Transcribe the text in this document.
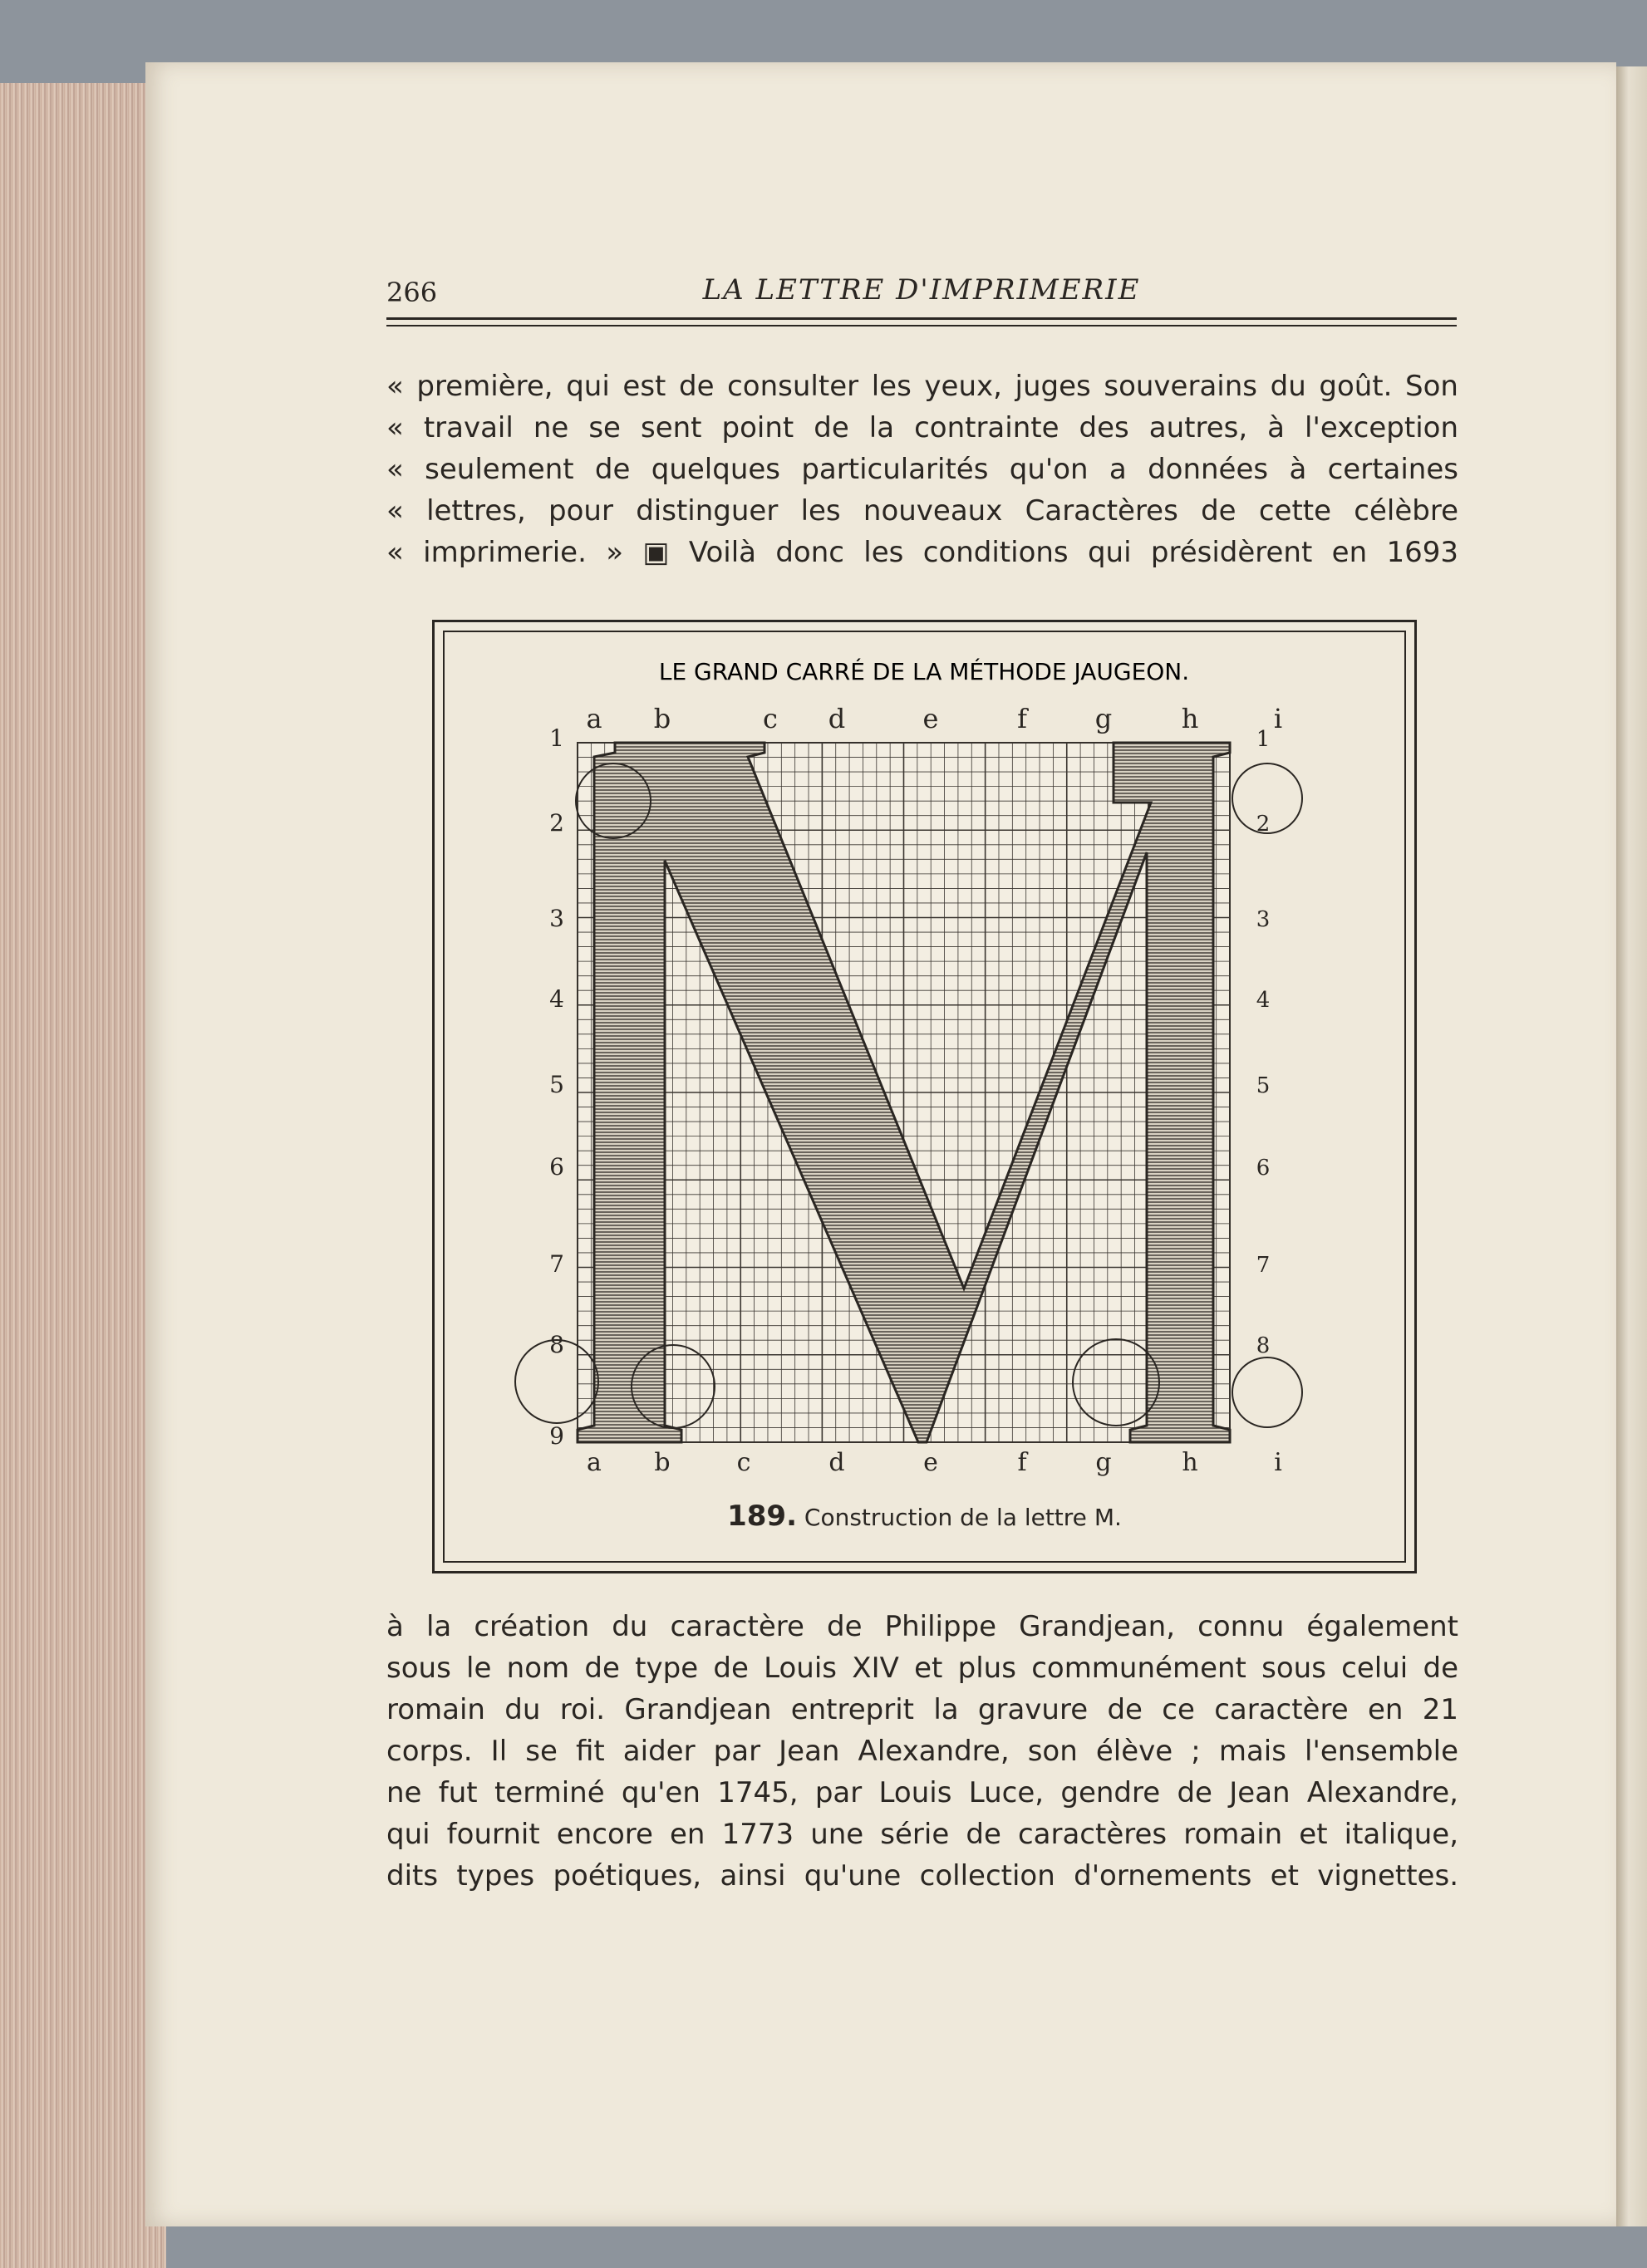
266	LA LETTRE D'IMPRIMERIE
« première, qui est de consulter les yeux, juges souverains du goût. Son
« travail ne se sent point de la contrainte des autres, à l'exception
« seulement de quelques particularités qu'on a données à certaines
« lettres, pour distinguer les nouveaux Caractères de cette célèbre
« imprimerie. » ▣ Voilà donc les conditions qui présidèrent en 1693
LE GRAND CARRÉ DE LA MÉTHODE JAUGEON.
a b	c d	e	f	g	h	i
a b	c	d	e	f	g	h	i
1
2
3
4
5
6
7
8
9
1
2
3
4
5
6
7
8
189. Construction de la lettre M.
à la création du caractère de Philippe Grandjean, connu également
sous le nom de type de Louis XIV et plus communément sous celui de
romain du roi. Grandjean entreprit la gravure de ce caractère en 21
corps. Il se fit aider par Jean Alexandre, son élève ; mais l'ensemble
ne fut terminé qu'en 1745, par Louis Luce, gendre de Jean Alexandre,
qui fournit encore en 1773 une série de caractères romain et italique,
dits types poétiques, ainsi qu'une collection d'ornements et vignettes.
